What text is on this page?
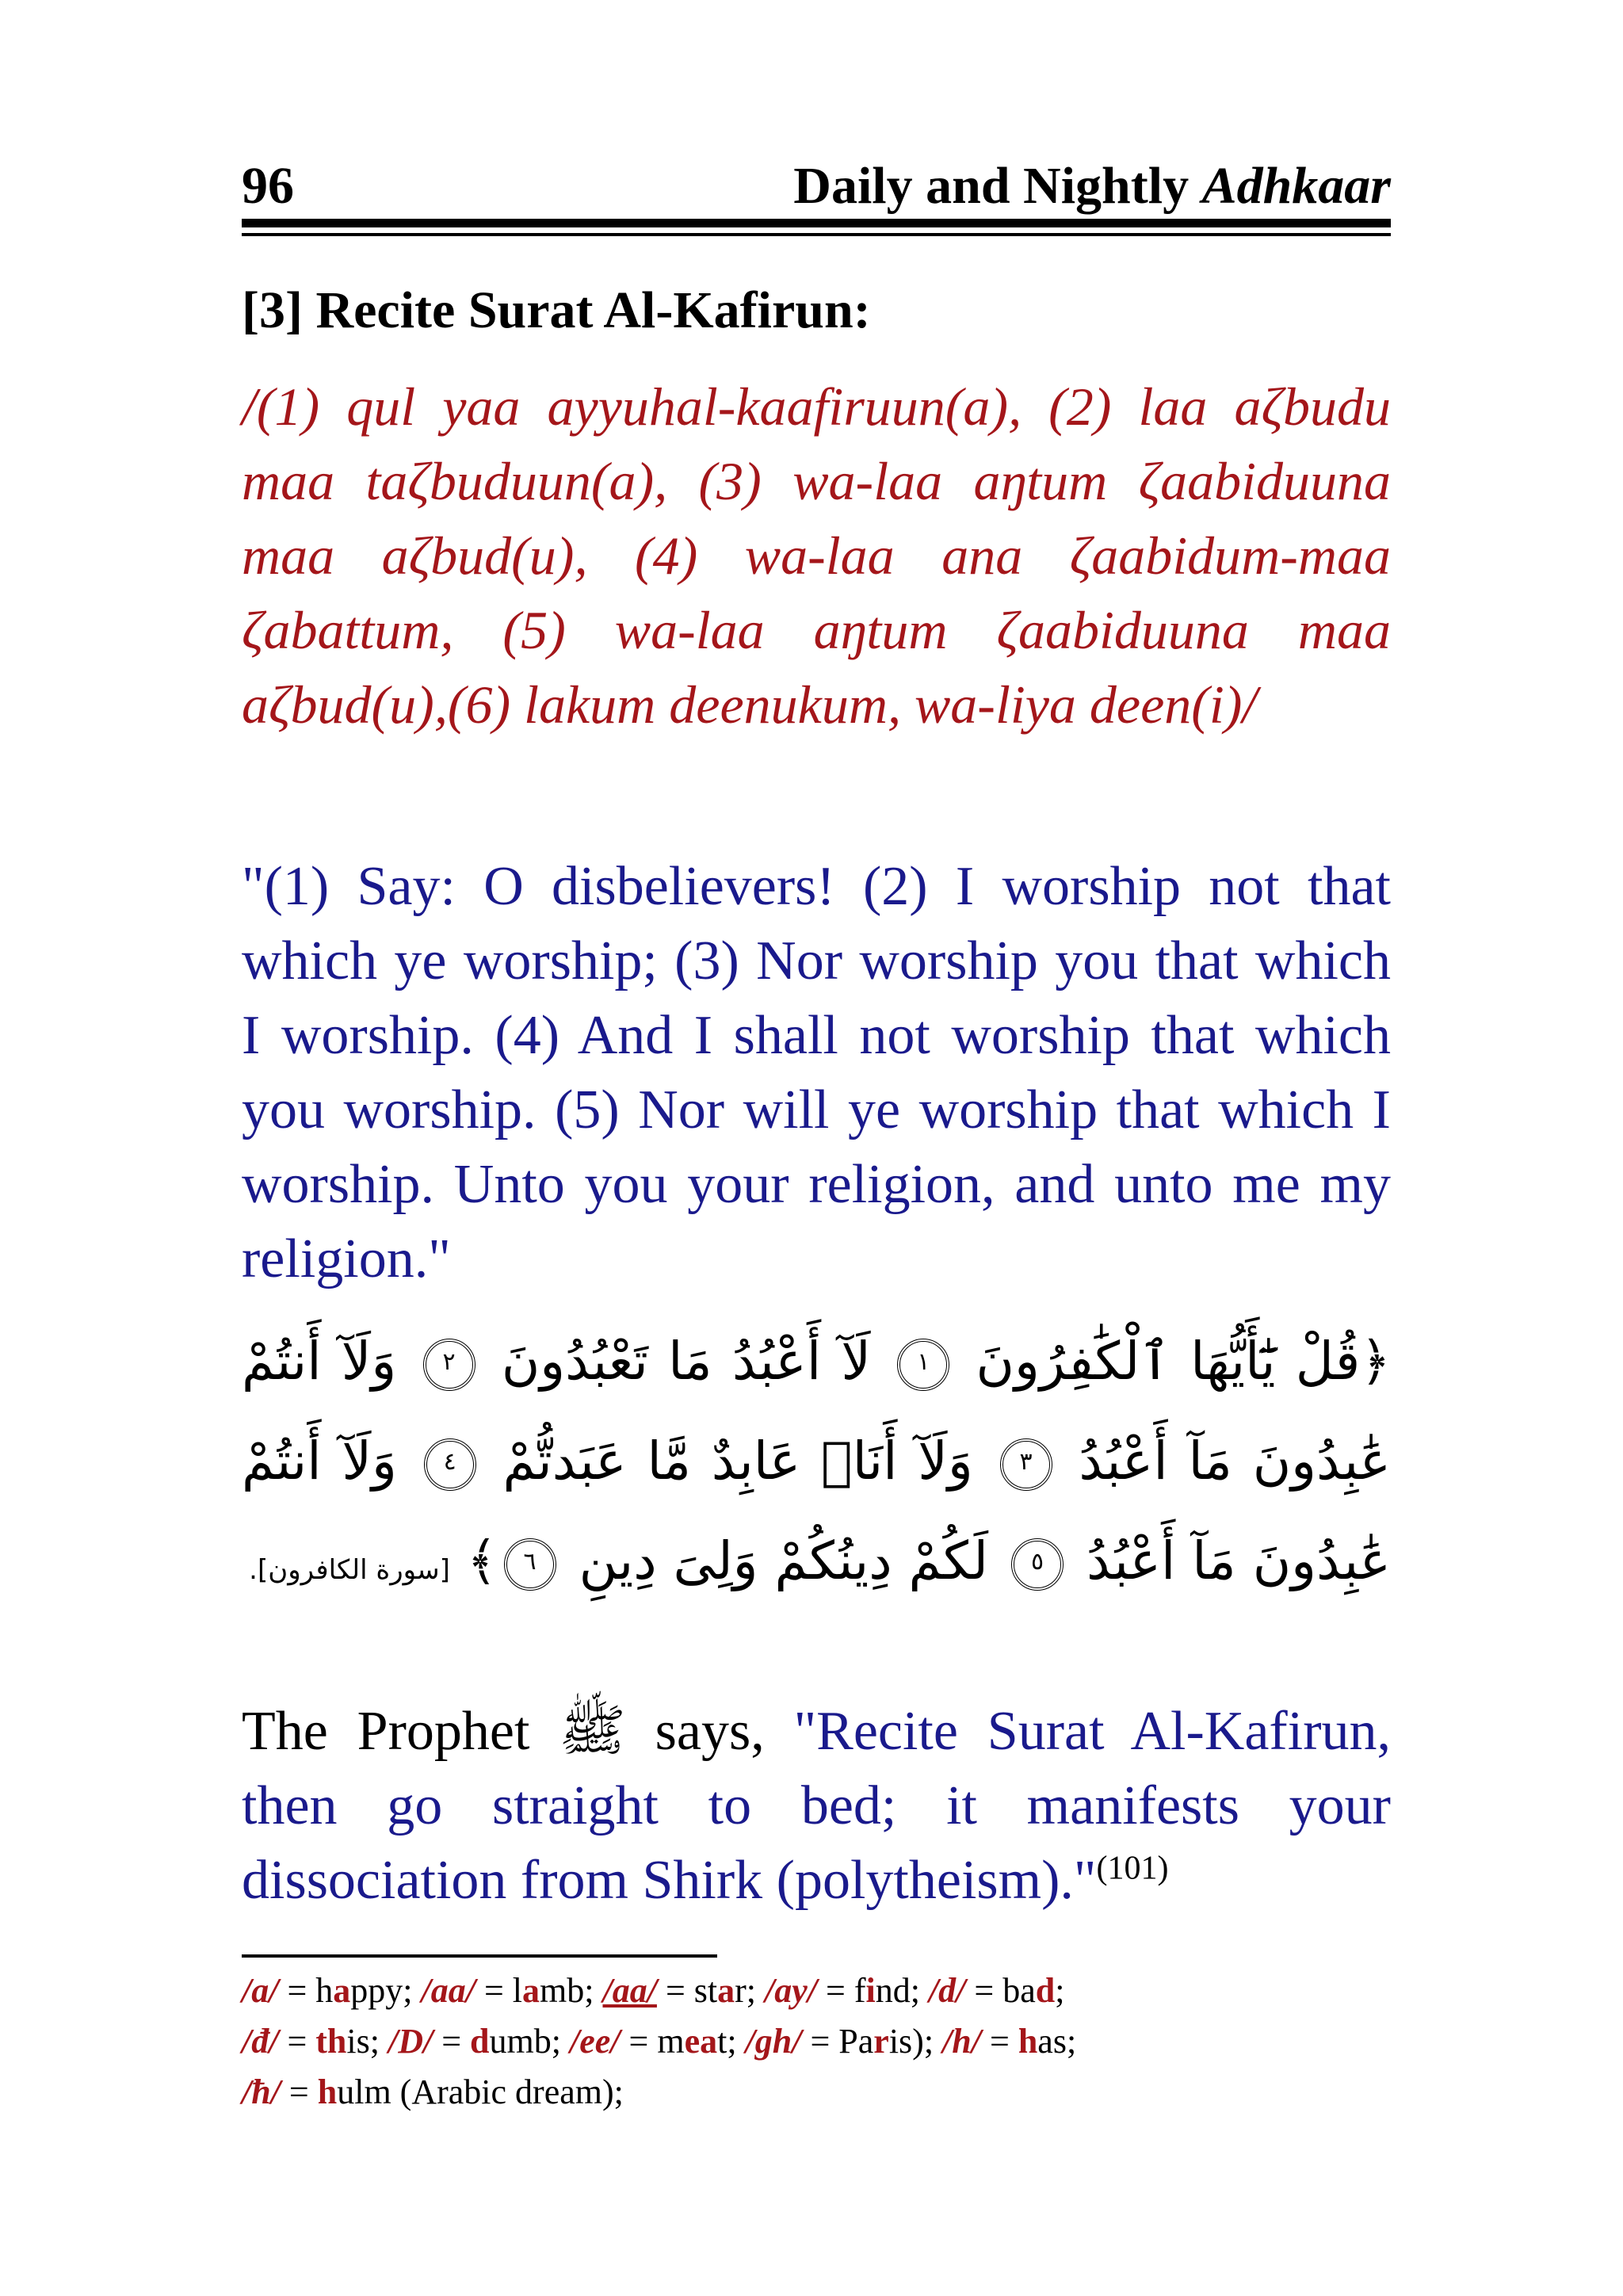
96	Daily and Nightly Adhkaar
[3] Recite Surat Al-Kafirun:
/(1) qul yaa ayyuhal-kaafiruun(a), (2) laa aζbudu maa taζbuduun(a), (3) wa-laa aŋtum ζaabiduuna maa aζbud(u), (4) wa-laa ana ζaabidum-maa ζabattum, (5) wa-laa aŋtum ζaabiduuna maa aζbud(u),(6) lakum deenukum, wa-liya deen(i)/
"(1) Say: O disbelievers! (2) I worship not that which ye worship; (3) Nor worship you that which I worship. (4) And I shall not worship that which you worship. (5) Nor will ye worship that which I worship. Unto you your religion, and unto me my religion."
﴿قُلْ يَٰٓأَيُّهَا ٱلْكَٰفِرُونَ ١ لَآ أَعْبُدُ مَا تَعْبُدُونَ ٢ وَلَآ أَنتُمْ عَٰبِدُونَ مَآ أَعْبُدُ ٣ وَلَآ أَنَا۠ عَابِدٌ مَّا عَبَدتُّمْ ٤ وَلَآ أَنتُمْ عَٰبِدُونَ مَآ أَعْبُدُ ٥ لَكُمْ دِينُكُمْ وَلِىَ دِينِ ٦﴾ [سورة الكافرون].
The Prophet ﷺ says, "Recite Surat Al-Kafirun, then go straight to bed; it manifests your dissociation from Shirk (polytheism)."$^{(101)}$
/a/ = happy; /aa/ = lamb; /aa/ = star; /ay/ = find; /d/ = bad;
/đ/ = this; /D/ = dumb; /ee/ = meat; /gh/ = Paris); /h/ = has;
/ħ/ = hulm (Arabic dream);
